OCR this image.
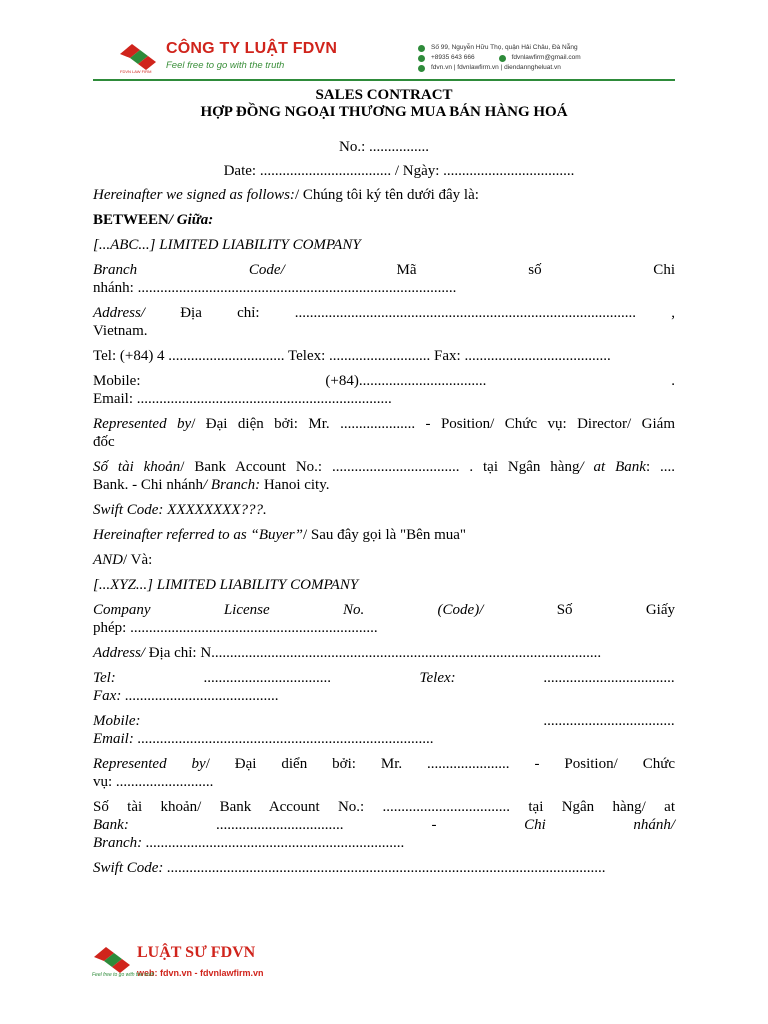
FDVN LAW FIRM
CÔNG TY LUẬT FDVN
Feel free to go with the truth
Số 99, Nguyễn Hữu Thọ, quận Hải Châu, Đà Nẵng
+8935 643 666	fdvnlawfirm@gmail.com
fdvn.vn | fdvnlawfirm.vn | diendanngheluat.vn
SALES CONTRACT
HỢP ĐỒNG NGOẠI THƯƠNG MUA BÁN HÀNG HOÁ

No.: ................

Date: ................................... / Ngày: ...................................

Hereinafter we signed as follows:/ Chúng tôi ký tên dưới đây là:

BETWEEN/ Giữa:

[...ABC...] LIMITED LIABILITY COMPANY

Branch Code/	Mã số Chi

nhánh: .....................................................................................

Address/ Địa chỉ: ........................................................................................... ,

Vietnam.

Tel: (+84) 4 ............................... Telex: ........................... Fax: .......................................

Mobile: (+84).................................. .

Email: ....................................................................

Represented by/ Đại diện bởi: Mr. .................... - Position/ Chức vụ: Director/ Giám

đốc

Số tài khoản/ Bank Account No.: .................................. . tại Ngân hàng/ at Bank: ....

Bank. - Chi nhánh/ Branch: Hanoi city.

Swift Code: XXXXXXXX???.

Hereinafter referred to as “Buyer”/ Sau đây gọi là "Bên mua"

AND/ Và:

[...XYZ...] LIMITED LIABILITY COMPANY

Company License No. (Code)/	Số Giấy

phép: ..................................................................

Address/ Địa chỉ: N........................................................................................................

Tel: .................................. Telex: ...................................

Fax: .........................................

Mobile: ...................................

Email: ...............................................................................

Represented by/ Đại diển bởi: Mr. ...................... - Position/ Chức

vụ: ..........................

Số tài khoản/ Bank Account No.: .................................. tại Ngân hàng/ at

Bank: .................................. - Chi nhánh/

Branch: .....................................................................

Swift Code: .....................................................................................................................

LUẬT SƯ FDVN
web: fdvn.vn - fdvnlawfirm.vn
Feel free to go with the truth
